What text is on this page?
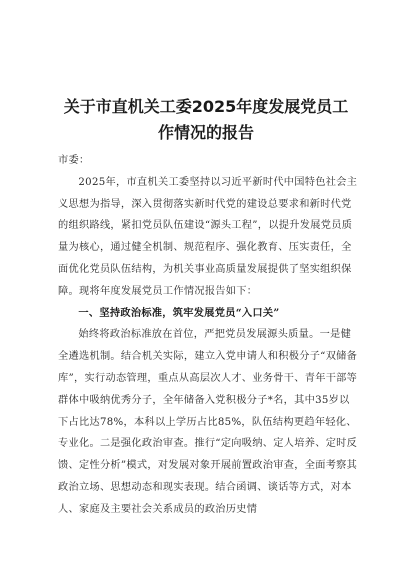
关于市直机关工委2025年度发展党员工
作情况的报告

市委：

2025年，市直机关工委坚持以习近平新时代中国特色社会主义思想为指导，深入贯彻落实新时代党的建设总要求和新时代党的组织路线，紧扣党员队伍建设“源头工程”，以提升发展党员质量为核心，通过健全机制、规范程序、强化教育、压实责任，全面优化党员队伍结构，为机关事业高质量发展提供了坚实组织保障。现将年度发展党员工作情况报告如下：

一、坚持政治标准，筑牢发展党员“入口关”

始终将政治标准放在首位，严把党员发展源头质量。一是健全遴选机制。结合机关实际，建立入党申请人和积极分子“双储备库”，实行动态管理，重点从高层次人才、业务骨干、青年干部等群体中吸纳优秀分子，全年储备入党积极分子*名，其中35岁以下占比达78%，本科以上学历占比85%，队伍结构更趋年轻化、专业化。二是强化政治审查。推行“定向吸纳、定人培养、定时反馈、定性分析”模式，对发展对象开展前置政治审查，全面考察其政治立场、思想动态和现实表现。结合函调、谈话等方式，对本人、家庭及主要社会关系成员的政治历史情
